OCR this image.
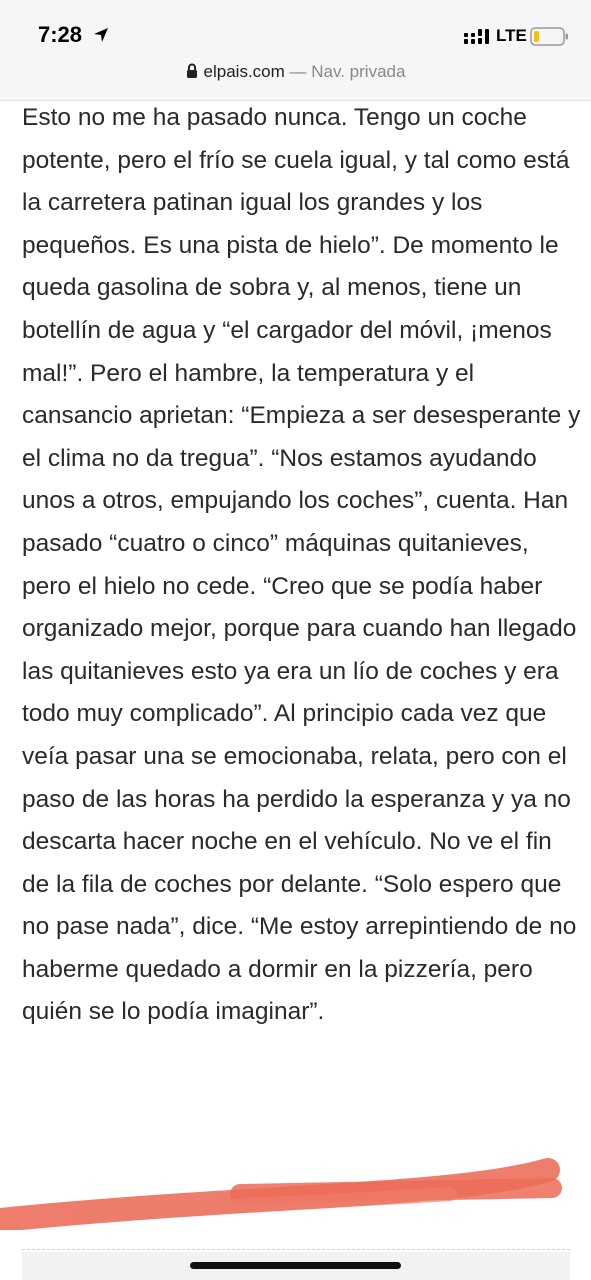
7:28	LTE
elpais.com — Nav. privada

Esto no me ha pasado nunca. Tengo un coche potente, pero el frío se cuela igual, y tal como está la carretera patinan igual los grandes y los pequeños. Es una pista de hielo”. De momento le queda gasolina de sobra y, al menos, tiene un botellín de agua y “el cargador del móvil, ¡menos mal!”. Pero el hambre, la temperatura y el cansancio aprietan: “Empieza a ser desesperante y el clima no da tregua”. “Nos estamos ayudando unos a otros, empujando los coches”, cuenta. Han pasado “cuatro o cinco” máquinas quitanieves, pero el hielo no cede. “Creo que se podía haber organizado mejor, porque para cuando han llegado las quitanieves esto ya era un lío de coches y era todo muy complicado”. Al principio cada vez que veía pasar una se emocionaba, relata, pero con el paso de las horas ha perdido la esperanza y ya no descarta hacer noche en el vehículo. No ve el fin de la fila de coches por delante. “Solo espero que no pase nada”, dice. “Me estoy arrepintiendo de no haberme quedado a dormir en la pizzería, pero quién se lo podía imaginar”.
